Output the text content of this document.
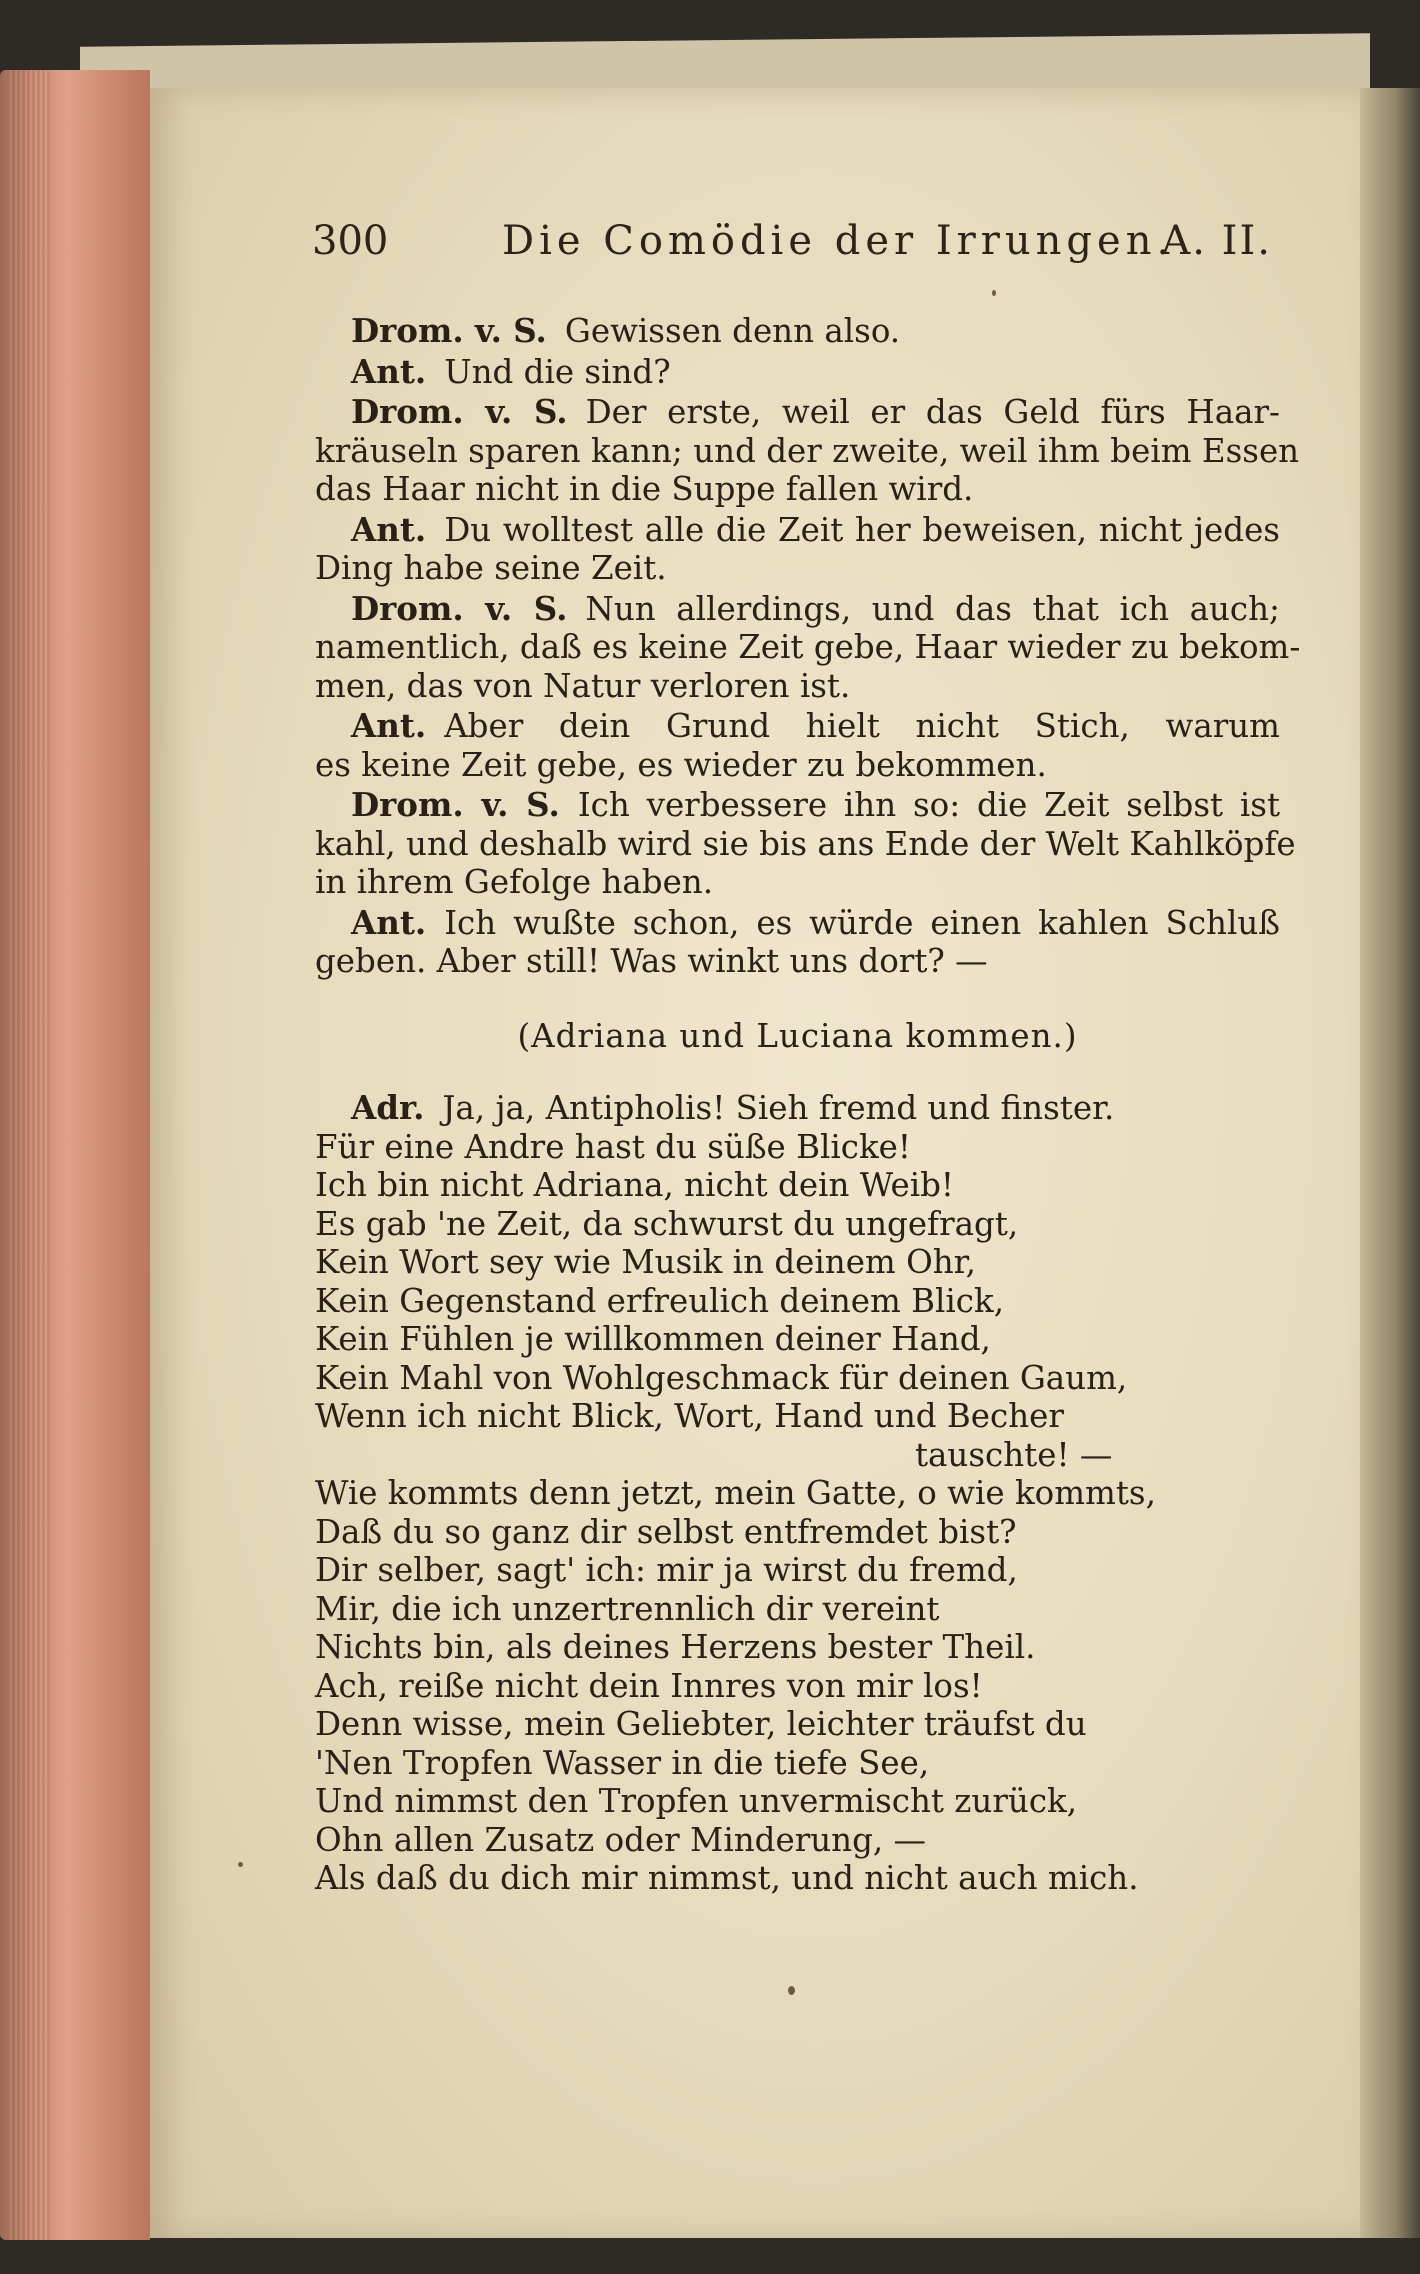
300	Die Comödie der Irrungen.
A. II.
Drom. v. S. Gewissen denn also.
Ant. Und die sind?
Drom. v. S. Der erste, weil er das Geld fürs Haar-
kräuseln sparen kann; und der zweite, weil ihm beim Essen
das Haar nicht in die Suppe fallen wird.
Ant. Du wolltest alle die Zeit her beweisen, nicht jedes
Ding habe seine Zeit.
Drom. v. S. Nun allerdings, und das that ich auch;
namentlich, daß es keine Zeit gebe, Haar wieder zu bekom-
men, das von Natur verloren ist.
Ant. Aber dein Grund hielt nicht Stich, warum
es keine Zeit gebe, es wieder zu bekommen.
Drom. v. S. Ich verbessere ihn so: die Zeit selbst ist
kahl, und deshalb wird sie bis ans Ende der Welt Kahlköpfe
in ihrem Gefolge haben.
Ant. Ich wußte schon, es würde einen kahlen Schluß
geben. Aber still! Was winkt uns dort? —
(Adriana und Luciana kommen.)
Adr. Ja, ja, Antipholis! Sieh fremd und finster.
Für eine Andre hast du süße Blicke!
Ich bin nicht Adriana, nicht dein Weib!
Es gab 'ne Zeit, da schwurst du ungefragt,
Kein Wort sey wie Musik in deinem Ohr,
Kein Gegenstand erfreulich deinem Blick,
Kein Fühlen je willkommen deiner Hand,
Kein Mahl von Wohlgeschmack für deinen Gaum,
Wenn ich nicht Blick, Wort, Hand und Becher
tauschte! —
Wie kommts denn jetzt, mein Gatte, o wie kommts,
Daß du so ganz dir selbst entfremdet bist?
Dir selber, sagt' ich: mir ja wirst du fremd,
Mir, die ich unzertrennlich dir vereint
Nichts bin, als deines Herzens bester Theil.
Ach, reiße nicht dein Innres von mir los!
Denn wisse, mein Geliebter, leichter träufst du
'Nen Tropfen Wasser in die tiefe See,
Und nimmst den Tropfen unvermischt zurück,
Ohn allen Zusatz oder Minderung, —
Als daß du dich mir nimmst, und nicht auch mich.
